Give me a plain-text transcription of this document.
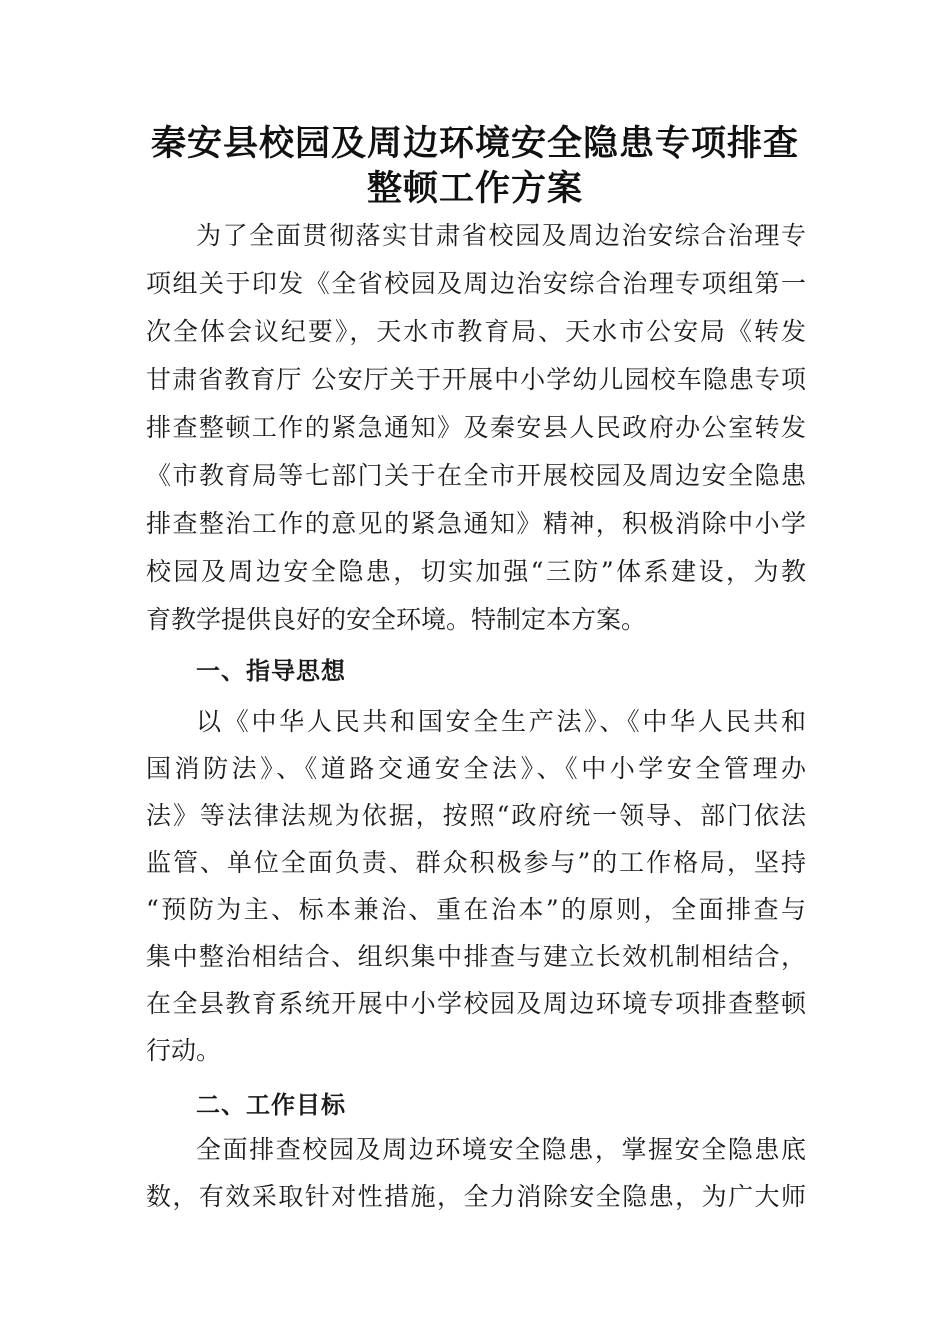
秦安县校园及周边环境安全隐患专项排查
整顿工作方案
为了全面贯彻落实甘肃省校园及周边治安综合治理专
项组关于印发《全省校园及周边治安综合治理专项组第一
次全体会议纪要》，天水市教育局、天水市公安局《转发
甘肃省教育厅 公安厅关于开展中小学幼儿园校车隐患专项
排查整顿工作的紧急通知》及秦安县人民政府办公室转发
《市教育局等七部门关于在全市开展校园及周边安全隐患
排查整治工作的意见的紧急通知》精神，积极消除中小学
校园及周边安全隐患，切实加强“三防”体系建设，为教
育教学提供良好的安全环境。特制定本方案。
一、指导思想
以《中华人民共和国安全生产法》、《中华人民共和
国消防法》、《道路交通安全法》、《中小学安全管理办
法》等法律法规为依据，按照“政府统一领导、部门依法
监管、单位全面负责、群众积极参与”的工作格局，坚持
“预防为主、标本兼治、重在治本”的原则，全面排查与
集中整治相结合、组织集中排查与建立长效机制相结合，
在全县教育系统开展中小学校园及周边环境专项排查整顿
行动。
二、工作目标
全面排查校园及周边环境安全隐患，掌握安全隐患底
数，有效采取针对性措施，全力消除安全隐患，为广大师
